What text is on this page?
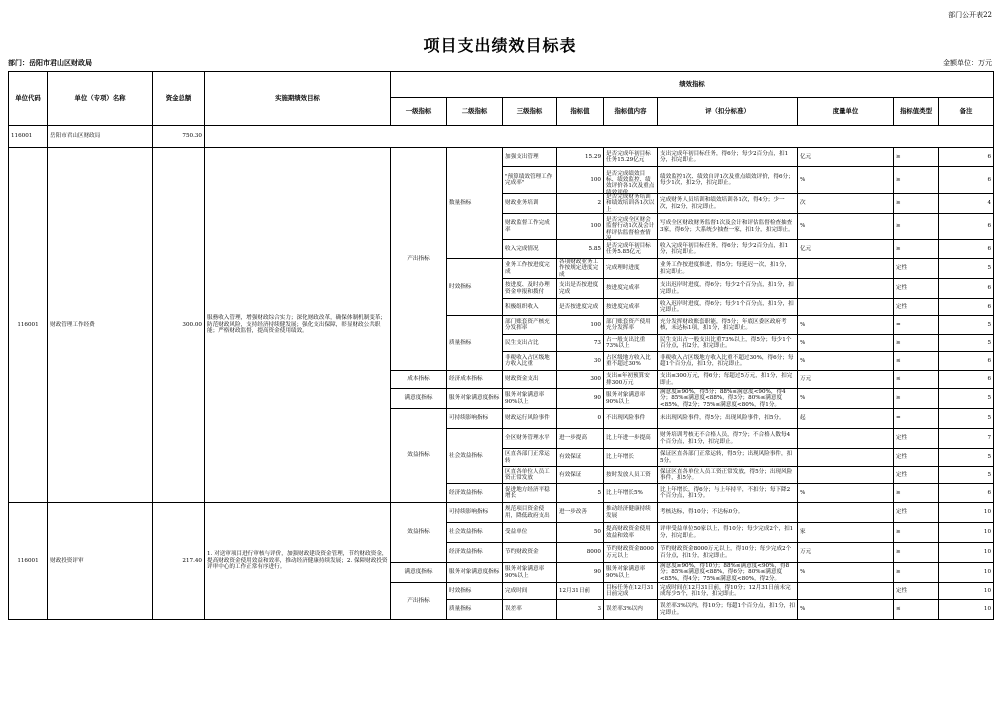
部门公开表22
项目支出绩效目标表
部门：岳阳市君山区财政局	金额单位：万元
单位代码	单位（专项）名称	资金总额	实施期绩效目标	绩效指标								
				一级指标	二级指标	三级指标	指标值	指标值内容	评（扣分标准）	度量单位	指标值类型	备注
116001	岳阳市君山区财政局	750.30										

116001	财政管理工作经费	300.00	服務收入管理，增强财政综合实力；深化财政改革，确保体制机制变革；防范财政风险，支持经济持续健发展；强化支出保障，彰显财政公共职能；严格财政监督，提高资金使用绩效。	产出指标	数量指标	加强支出管理	15.29	是否完成年初目标任务15.29亿元	支出完成年初目标任务，得6分；每少2百分点，扣1分，扣完即止。	亿元	≥	6

						"预算绩效管理工作完成率"	100	是否完成绩效目标、绩效监控、绩效评价各1次及重点绩效评价	绩效监控1次、绩效自评1次及重点绩效评价，得6分；每少1次，扣2分，扣完即止。	%	≥	6

						财政业务培训	2	是否完成财务培训和绩效培训各1次以上	完成财务人员培训和绩效培训各1次，得4分；少一次，扣2分，扣完即止。	次	≥	4

						财政监督工作完成率	100	是否完成全区财会监督行动1次及会计样评估监督检查情况	写成全区财政财务监督1次及会计和评估监督检查抽查3家，得6分；大系统少抽查一家，扣1分，扣完即止。	%	≥	6

						收入完成情况	5.85	是否完成年初目标任务5.85亿元	收入完成年初目标任务，得6分；每少2百分点，扣1分，扣完即止。	亿元	≥	6

					时效指标	业务工作按进度完成	各项财政业务工作按规定进度完成	完成理时进度	业务工作按进度推进，得5分；每延迟一次，扣1分，扣完即止。		定性	5

						按进度、及时办理资金申报和拨付	支出是否按进度完成	按进度完成率	支出迟岸时进度，得6分；每少2个百分点，扣1分，扣完即止。		定性	6

						积极组织收入	是否按进度完成	按进度完成率	收入迟岸时进度，得6分；每少1个百分点，扣1分，扣完即止。		定性	6

					质量指标	部门账套资产核充分发挥率	100	部门账套资产使用充分发挥率	充分发挥财政账套职能，得5分；年底区委区政府考核，未达标1项，扣1分，扣完即止。	%	=	5

						民生支出占比	73	占一般支出比重73%以上	民生支出占一般支出比重73%以上，得5分；每少1个百分点，扣2分，扣完即止。	%	≥	5

						非税收入占区级地方收入比重	30	占区级地方收入比重不超过30%	非税收入占区级地方收入比重不超过30%，得6分；每超1个百分点，扣1分，扣完即止。	%	≤	6

				成本指标	经济成本指标	财政资金支出	300	支出≤年初预算安排300万元	支出≤300万元，得6分；每超过5万元，扣1分，扣完即止。	万元	≤	6

				满意度指标	服务对象满意度指标	服务对象满意率90%以上	90	服务对象满意率90%以上	满意度≥90%，得5分；88%≤满意度<90%，得4分；85%≤满意度<88%，得3分；80%≤满意度<85%，得2分；75%≤满意度<80%，得1分。	%	≥	5

				效益指标	可持续影响指标	财政运行风险事件	0	不出现风险事件	未出现风险事件，得5分；出现风险事件，扣5分。	起	=	5

					社会效益指标	全区财务管理水平	进一步提高	比上年进一步提高	财务培训考核无不合格人员，得7分；不合格人数每4个百分点，扣1分，扣完即止。		定性	7

						区直各部门正常运转	有效保证	比上年增长	保证区直各部门正常运转，得5分；出现风险事件，扣5分。		定性	5

						区直各单位人员工资正常发放	有效保证	按时发放人员工资	保证区直各单位人员工资正常发放，得5分；出现风险事件，扣5分。		定性	5

					经济效益指标	促进地方经济平稳增长	5	比上年增长5%	比上年增长，得6分；与上年持平，不扣分；每下降2个百分点，扣1分。	%	≥	6

116001	财政投资评审	217.40	1. 对送审项目进行审核与评价，加强财政建设资金管理，节约财政资金，提高财政资金使用效益和效率，推动经济健康持续发展；2. 保障财政投资评审中心的工作正常有序进行。	效益指标	可持续影响指标	规范项目资金使用，降低政府支出	进一步改善	推动经济健康持续发展	考核达标，得10分；不达标0分。		定性	10

					社会效益指标	受益单位	50	提高财政资金使用效益和效率	评审受益单位50家以上，得10分；每少完成2个，扣1分，扣完即止。	家	≥	10

					经济效益指标	节约财政资金	8000	节约财政资金8000万元以上	节约财政资金8000万元以上，得10分；每少完成2个百分点，扣1分，扣完即止。	万元	≥	10

				满意度指标	服务对象满意度指标	服务对象满意率90%以上	90	服务对象满意率90%以上	满意度≥90%，得10分；88%≤满意度<90%，得8分；85%≤满意度<88%，得6分；80%≤满意度<85%，得4分；75%≤满意度<80%，得2分。	%	≥	10

				产出指标	时效指标	完成时间	12月31日前	目标任务在12月31日前完成	完成时间在12月31日前，得10分；12月31日前未完成每少5个，扣1分，扣完即止。		定性	10

					质量指标	误差率	3	误差率3%以内	误差率3%以内，得10分；每超1个百分点，扣1分，扣完即止。	%	≤	10
